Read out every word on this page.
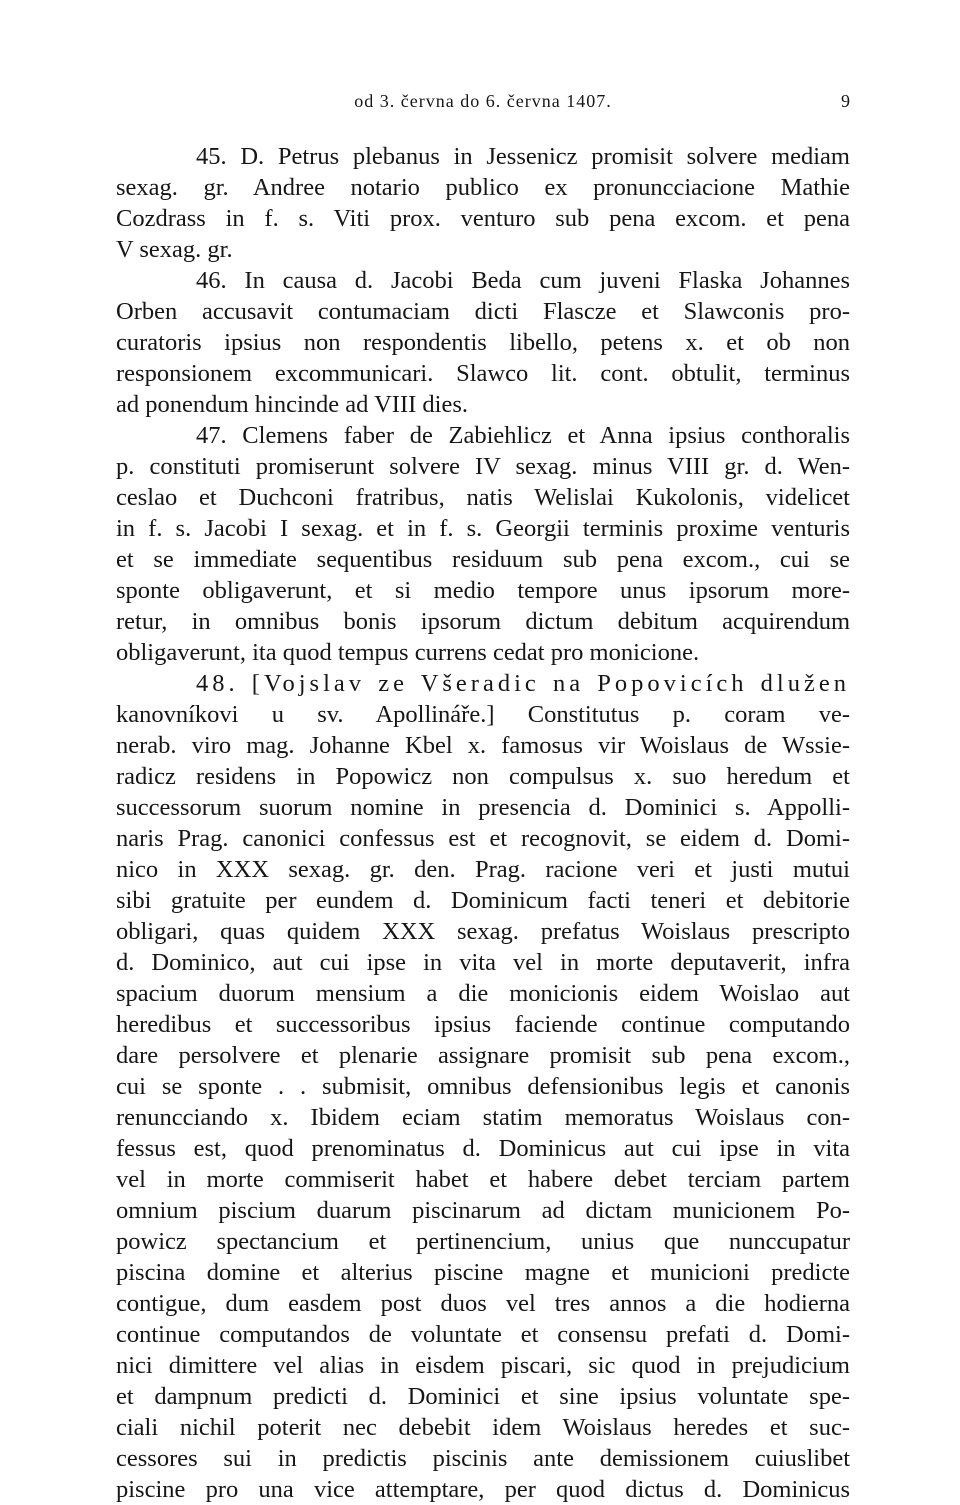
od 3. června do 6. června 1407.	9
45. D. Petrus plebanus in Jessenicz promisit solvere mediam
sexag. gr. Andree notario publico ex pronuncciacione Mathie
Cozdrass in f. s. Viti prox. venturo sub pena excom. et pena
V sexag. gr.
46. In causa d. Jacobi Beda cum juveni Flaska Johannes
Orben accusavit contumaciam dicti Flascze et Slawconis pro-
curatoris ipsius non respondentis libello, petens x. et ob non
responsionem excommunicari. Slawco lit. cont. obtulit, terminus
ad ponendum hincinde ad VIII dies.
47. Clemens faber de Zabiehlicz et Anna ipsius conthoralis
p. constituti promiserunt solvere IV sexag. minus VIII gr. d. Wen-
ceslao et Duchconi fratribus, natis Welislai Kukolonis, videlicet
in f. s. Jacobi I sexag. et in f. s. Georgii terminis proxime venturis
et se immediate sequentibus residuum sub pena excom., cui se
sponte obligaverunt, et si medio tempore unus ipsorum more-
retur, in omnibus bonis ipsorum dictum debitum acquirendum
obligaverunt, ita quod tempus currens cedat pro monicione.
48. [Vojslav ze Všeradic na Popovicích dlužen
kanovníkovi u sv. Apollináře.] Constitutus p. coram ve-
nerab. viro mag. Johanne Kbel x. famosus vir Woislaus de Wssie-
radicz residens in Popowicz non compulsus x. suo heredum et
successorum suorum nomine in presencia d. Dominici s. Appolli-
naris Prag. canonici confessus est et recognovit, se eidem d. Domi-
nico in XXX sexag. gr. den. Prag. racione veri et justi mutui
sibi gratuite per eundem d. Dominicum facti teneri et debitorie
obligari, quas quidem XXX sexag. prefatus Woislaus prescripto
d. Dominico, aut cui ipse in vita vel in morte deputaverit, infra
spacium duorum mensium a die monicionis eidem Woislao aut
heredibus et successoribus ipsius faciende continue computando
dare persolvere et plenarie assignare promisit sub pena excom.,
cui se sponte . . submisit, omnibus defensionibus legis et canonis
renuncciando x. Ibidem eciam statim memoratus Woislaus con-
fessus est, quod prenominatus d. Dominicus aut cui ipse in vita
vel in morte commiserit habet et habere debet terciam partem
omnium piscium duarum piscinarum ad dictam municionem Po-
powicz spectancium et pertinencium, unius que nunccupatur
piscina domine et alterius piscine magne et municioni predicte
contigue, dum easdem post duos vel tres annos a die hodierna
continue computandos de voluntate et consensu prefati d. Domi-
nici dimittere vel alias in eisdem piscari, sic quod in prejudicium
et dampnum predicti d. Dominici et sine ipsius voluntate spe-
ciali nichil poterit nec debebit idem Woislaus heredes et suc-
cessores sui in predictis piscinis ante demissionem cuiuslibet
piscine pro una vice attemptare, per quod dictus d. Dominicus
